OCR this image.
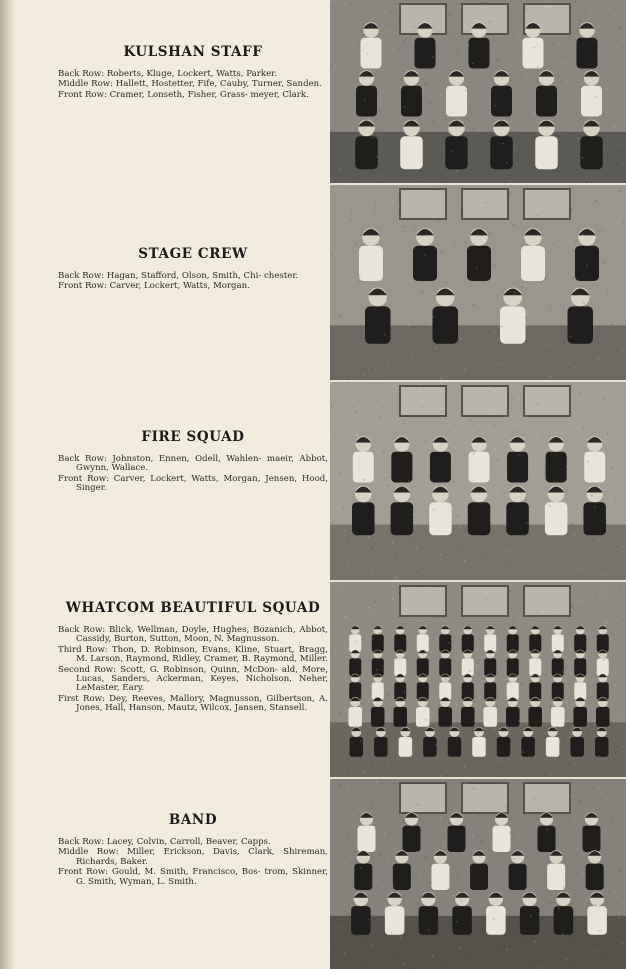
KULSHAN STAFF

Back Row: Roberts, Kluge, Lockert, Watts, Parker.

Middle Row: Hallett, Hostetter, Fife, Cauby, Turner, Sanden.

Front Row: Cramer, Lonseth, Fisher, Grass- meyer, Clark.

STAGE CREW

Back Row: Hagan, Stafford, Olson, Smith, Chi- chester.

Front Row: Carver, Lockert, Watts, Morgan.

FIRE SQUAD

Back Row: Johnston, Ennen, Odell, Wahlen- maeir, Abbot, Gwynn, Wallace.

Front Row: Carver, Lockert, Watts, Morgan, Jensen, Hood, Singer.

WHATCOM BEAUTIFUL SQUAD

Back Row: Blick, Wellman, Doyle, Hughes, Bozanich, Abbot, Cassidy, Burton, Sutton, Moon, N. Magnusson.

Third Row: Thon, D. Robinson, Evans, Kline, Stuart, Bragg, M. Larson, Raymond, Ridley, Cramer, B. Raymond, Miller.

Second Row: Scott, G. Robinson, Quinn, McDon- ald, More, Lucas, Sanders, Ackerman, Keyes, Nicholson, Neher, LeMaster, Eary.

First Row: Dey, Reeves, Mallory, Magnusson, Gilbertson, A. Jones, Hall, Hanson, Mautz, Wilcox, Jansen, Stansell.

BAND

Back Row: Lacey, Colvin, Carroll, Beaver, Capps.

Middle Row: Miller, Erickson, Davis, Clark, Shireman, Richards, Baker.

Front Row: Gould, M. Smith, Francisco, Bos- trom, Skinner, G. Smith, Wyman, L. Smith.
